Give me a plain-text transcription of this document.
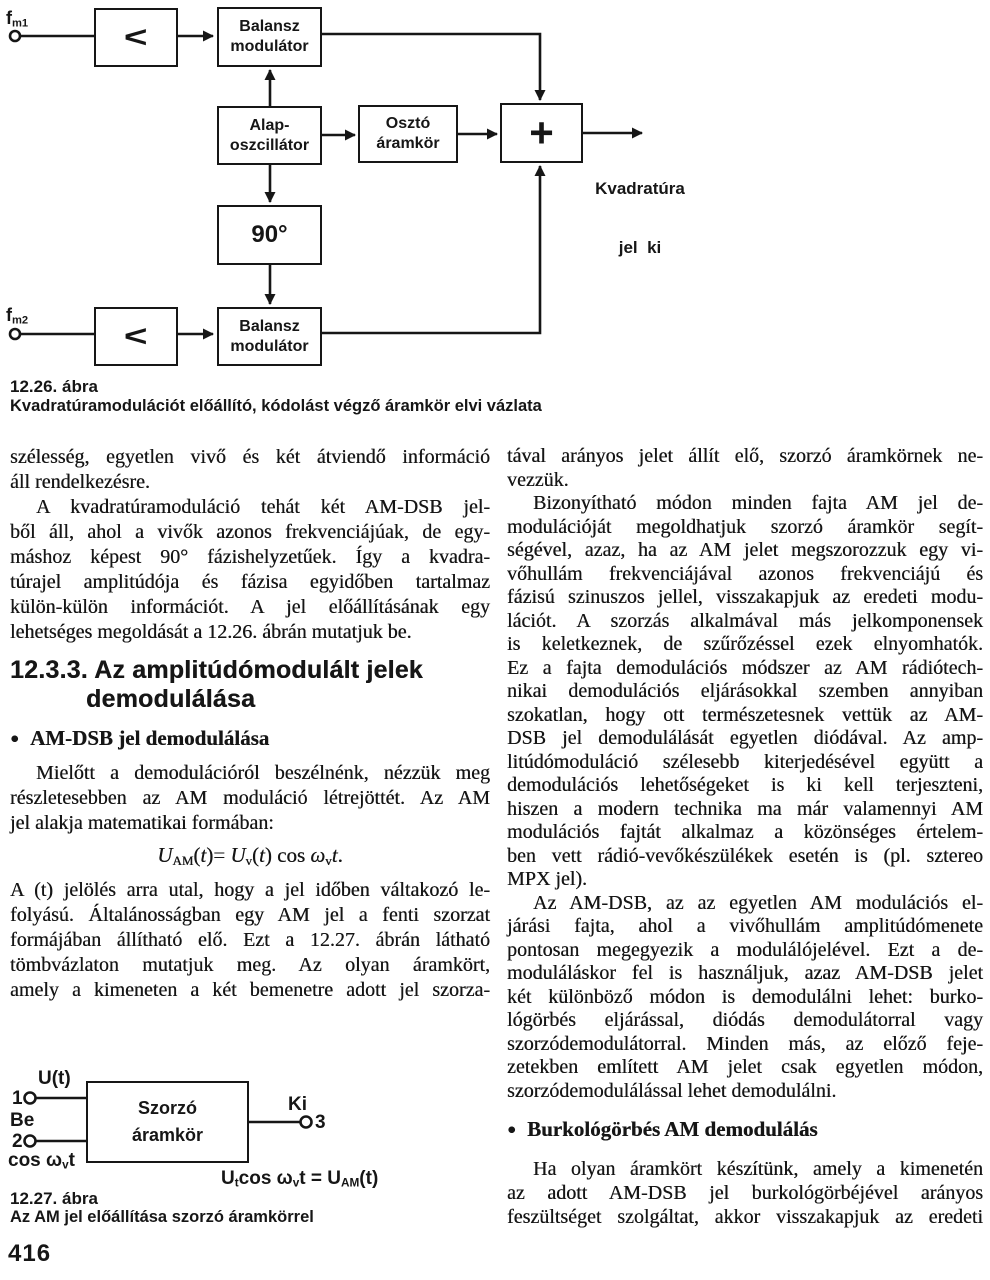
$f_{m1}$	<	Balansz
modulátor
Alap-
oszcillátor
Osztó
áramkör +

Kvadratúra

jel  ki

90°
$f_{m2}$	<	Balansz
modulátor
12.26. ábra
Kvadratúramodulációt előállító, kódolást végző áramkör elvi vázlata
szélesség, egyetlen vivő és két átviendő információ
áll rendelkezésre.
A kvadratúramoduláció tehát két AM-DSB jel-
ből áll, ahol a vivők azonos frekvenciájúak, de egy-
máshoz képest 90° fázishelyzetűek. Így a kvadra-
túrajel amplitúdója és fázisa egyidőben tartalmaz
külön-külön információt. A jel előállításának egy
lehetséges megoldását a 12.26. ábrán mutatjuk be.
12.3.3. Az amplitúdómodulált jelek
demodulálása
● AM-DSB jel demodulálása
Mielőtt a demodulációról beszélnénk, nézzük meg
részletesebben az AM moduláció létrejöttét. Az AM
jel alakja matematikai formában:
$U_{AM}(t)= U_v(t)$ $\cos \omega_vt$.
A (t) jelölés arra utal, hogy a jel időben váltakozó le-
folyású. Általánosságban egy AM jel a fenti szorzat
formájában állítható elő. Ezt a 12.27. ábrán látható
tömbvázlaton mutatjuk meg. Az olyan áramkört,
amely a kimeneten a két bemenetre adott jel szorza-
tával arányos jelet állít elő, szorzó áramkörnek ne-
vezzük.
Bizonyítható módon minden fajta AM jel de-
modulációját megoldhatjuk szorzó áramkör segít-
ségével, azaz, ha az AM jelet megszorozzuk egy vi-
vőhullám frekvenciájával azonos frekvenciájú és
fázisú szinuszos jellel, visszakapjuk az eredeti modu-
lációt. A szorzás alkalmával más jelkomponensek
is keletkeznek, de szűrőzéssel ezek elnyomhatók.
Ez a fajta demodulációs módszer az AM rádiótech-
nikai demodulációs eljárásokkal szemben annyiban
szokatlan, hogy ott természetesnek vettük az AM-
DSB jel demodulálását egyetlen diódával. Az amp-
litúdómoduláció szélesebb kiterjedésével együtt a
demodulációs lehetőségeket is ki kell terjeszteni,
hiszen a modern technika ma már valamennyi AM
modulációs fajtát alkalmaz a közönséges értelem-
ben vett rádió-vevőkészülékek esetén is (pl. sztereo
MPX jel).
Az AM-DSB, az az egyetlen AM modulációs el-
járási fajta, ahol a vivőhullám amplitúdómenete
pontosan megegyezik a modulálójelével. Ezt a de-
moduláláskor fel is használjuk, azaz AM-DSB jelet
két különböző módon is demodulálni lehet: burko-
lógörbés eljárással, diódás demodulátorral vagy
szorzódemodulátorral. Minden más, az előző feje-
zetekben említett AM jelet csak egyetlen módon,
szorzódemodulálással lehet demodulálni.
● Burkológörbés AM demodulálás
Ha olyan áramkört készítünk, amely a kimenetén
az adott AM-DSB jel burkológörbéjével arányos
feszültséget szolgáltat, akkor visszakapjuk az eredeti
U(t)
1
Be
2
$\cos \omega_vt$
Szorzó
áramkör
Ki
3
$U_t\cos$ $\omega_vt = U_{AM}(t)$
12.27. ábra
Az AM jel előállítása szorzó áramkörrel
416
